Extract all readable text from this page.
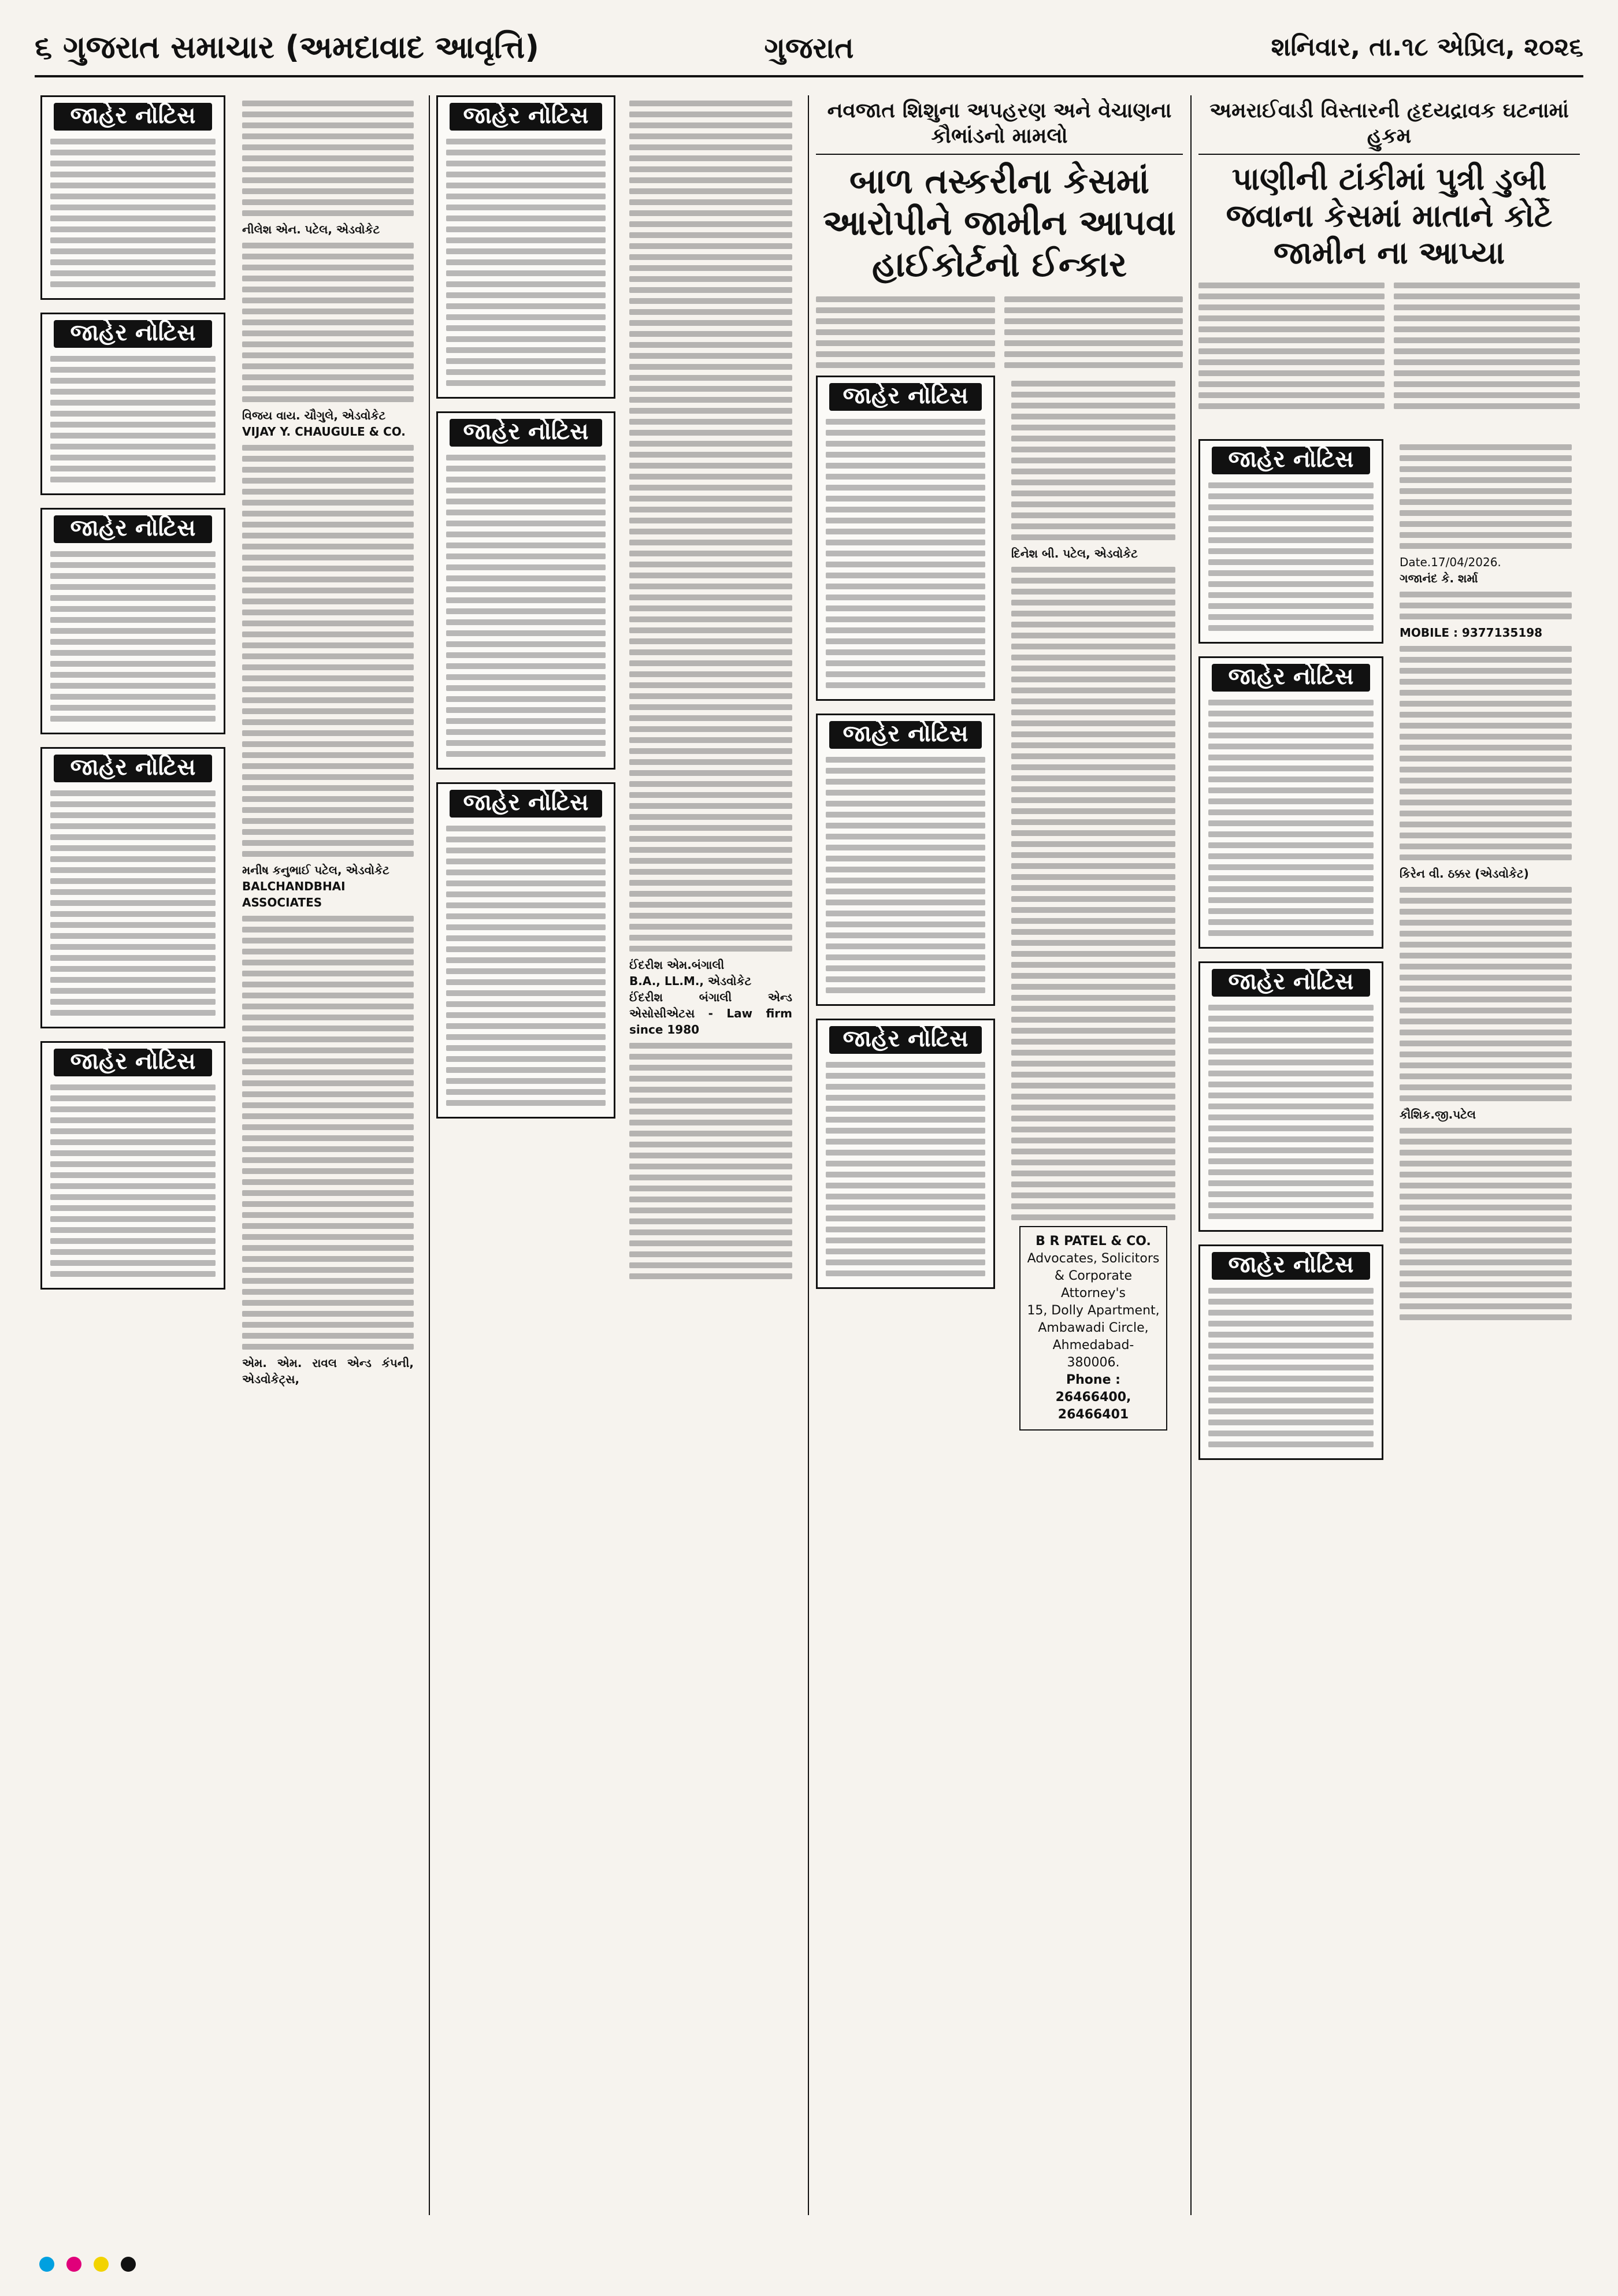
૬ ગુજરાત સમાચાર (અમદાવાદ આવૃત્તિ)	ગુજરાત	શનિવાર, તા.૧૮ એપ્રિલ, ૨૦૨૬
જાહેર નોટિસ
જાહેર નોટિસ
જાહેર નોટિસ
જાહેર નોટિસ
જાહેર નોટિસ
નીલેશ એન. પટેલ, એડવોકેટ
વિજય વાય. ચૌગુલે, એડવોકેટ
VIJAY Y. CHAUGULE & CO.
મનીષ કનુભાઈ પટેલ, એડવોકેટ
BALCHANDBHAI ASSOCIATES
એમ. એમ. રાવલ એન્ડ કંપની, એડવોકેટ્સ,
જાહેર નોટિસ
જાહેર નોટિસ
જાહેર નોટિસ
ઈંદરીશ એમ.બંગાલી
B.A., LL.M., એડવોકેટ
ઈંદરીશ બંગાલી એન્ડ એસોસીએટસ - Law firm since 1980
નવજાત શિશુના અપહરણ અને વેચાણના કૌભાંડનો મામલો
બાળ તસ્કરીના કેસમાં આરોપીને જામીન આપવા હાઈકોર્ટનો ઈન્કાર
જાહેર નોટિસ
જાહેર નોટિસ
જાહેર નોટિસ
દિનેશ બી. પટેલ, એડવોકેટ
B R PATEL & CO.
Advocates, Solicitors & Corporate Attorney's
15, Dolly Apartment, Ambawadi Circle, Ahmedabad- 380006.
Phone : 26466400, 26466401
અમરાઈવાડી વિસ્તારની હૃદયદ્રાવક ઘટનામાં હુકમ
પાણીની ટાંકીમાં પુત્રી ડુબી જવાના કેસમાં માતાને કોર્ટે જામીન ના આપ્યા
જાહેર નોટિસ
જાહેર નોટિસ
જાહેર નોટિસ
જાહેર નોટિસ
Date.17/04/2026.
ગજાનંદ કે. શર્મા
MOBILE : 9377135198
કિરેન વી. ઠક્કર (એડવોકેટ)
કૌશિક.જી.પટેલ
